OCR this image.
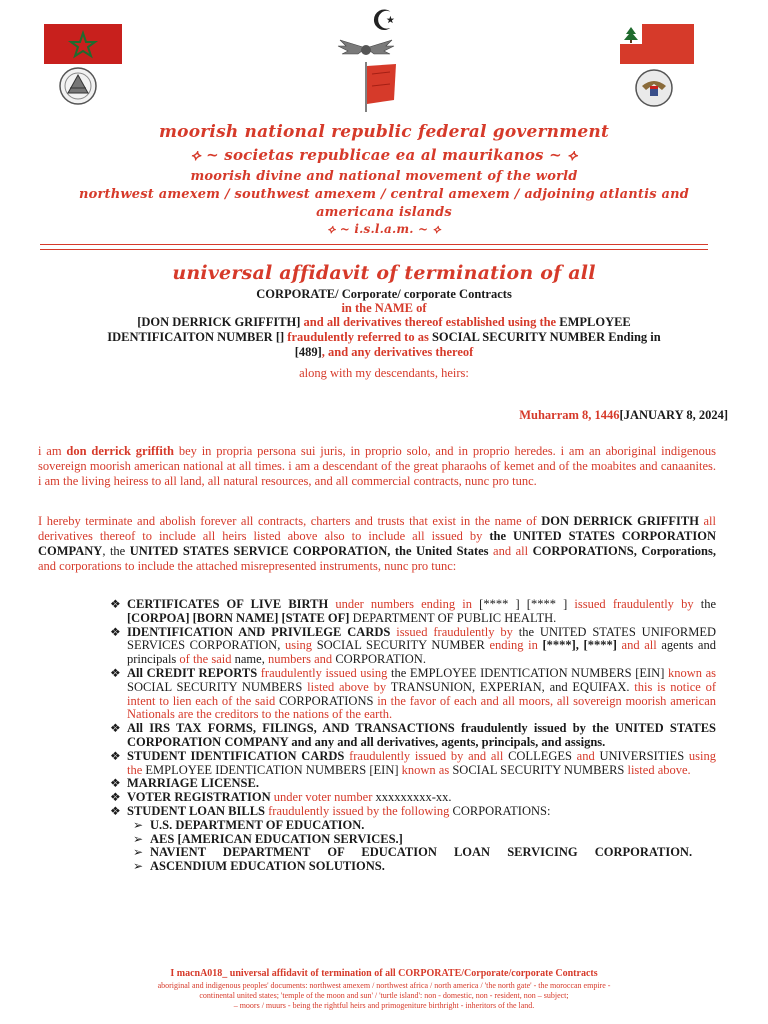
☪
moorish national republic federal government
⟡ ~ societas republicae ea al maurikanos ~ ⟡
moorish divine and national movement of the world
northwest amexem / southwest amexem / central amexem / adjoining atlantis and
americana islands
⟡ ~ i.s.l.a.m. ~ ⟡
universal affidavit of termination of all
CORPORATE/ Corporate/ corporate Contracts
in the NAME of
[DON DERRICK GRIFFITH] and all derivatives thereof established using the EMPLOYEE
IDENTIFICAITON NUMBER [] fraudulently referred to as SOCIAL SECURITY NUMBER Ending in
[489], and any derivatives thereof
along with my descendants, heirs:
Muharram 8, 1446[JANUARY 8, 2024]
i am don derrick griffith bey in propria persona sui juris, in proprio solo, and in proprio heredes. i am an aboriginal indigenous sovereign moorish american national at all times. i am a descendant of the great pharaohs of kemet and of the moabites and canaanites. i am the living heiress to all land, all natural resources, and all commercial contracts, nunc pro tunc.
I hereby terminate and abolish forever all contracts, charters and trusts that exist in the name of DON DERRICK GRIFFITH all derivatives thereof to include all heirs listed above also to include all issued by the UNITED STATES CORPORATION COMPANY, the UNITED STATES SERVICE CORPORATION, the United States and all CORPORATIONS, Corporations, and corporations to include the attached misrepresented instruments, nunc pro tunc:
❖ CERTIFICATES OF LIVE BIRTH under numbers ending in [**** ] [**** ] issued fraudulently by the [CORPOA] [BORN NAME] [STATE OF] DEPARTMENT OF PUBLIC HEALTH.
❖ IDENTIFICATION AND PRIVILEGE CARDS issued fraudulently by the UNITED STATES UNIFORMED SERVICES CORPORATION, using SOCIAL SECURITY NUMBER ending in [****], [****] and all agents and principals of the said name, numbers and CORPORATION.
❖ All CREDIT REPORTS fraudulently issued using the EMPLOYEE IDENTICATION NUMBERS [EIN] known as SOCIAL SECURITY NUMBERS listed above by TRANSUNION, EXPERIAN, and EQUIFAX. this is notice of intent to lien each of the said CORPORATIONS in the favor of each and all moors, all sovereign moorish american Nationals are the creditors to the nations of the earth.
❖ All IRS TAX FORMS, FILINGS, AND TRANSACTIONS fraudulently issued by the UNITED STATES CORPORATION COMPANY and any and all derivatives, agents, principals, and assigns.
❖ STUDENT IDENTIFICATION CARDS fraudulently issued by and all COLLEGES and UNIVERSITIES using the EMPLOYEE IDENTICATION NUMBERS [EIN] known as SOCIAL SECURITY NUMBERS listed above.
❖ MARRIAGE LICENSE.
❖ VOTER REGISTRATION under voter number xxxxxxxxx-xx.
❖ STUDENT LOAN BILLS fraudulently issued by the following CORPORATIONS:
➢ U.S. DEPARTMENT OF EDUCATION.
➢ AES [AMERICAN EDUCATION SERVICES.]
➢ NAVIENT DEPARTMENT OF EDUCATION LOAN SERVICING CORPORATION.
➢ ASCENDIUM EDUCATION SOLUTIONS.
I macnA018_ universal affidavit of termination of all CORPORATE/Corporate/corporate Contracts
aboriginal and indigenous peoples' documents: northwest amexem / northwest africa / north america / 'the north gate' - the moroccan empire -
continental united states; 'temple of the moon and sun' / 'turtle island': non - domestic, non - resident, non – subject;
– moors / muurs - being the rightful heirs and primogeniture birthright - inheritors of the land.
